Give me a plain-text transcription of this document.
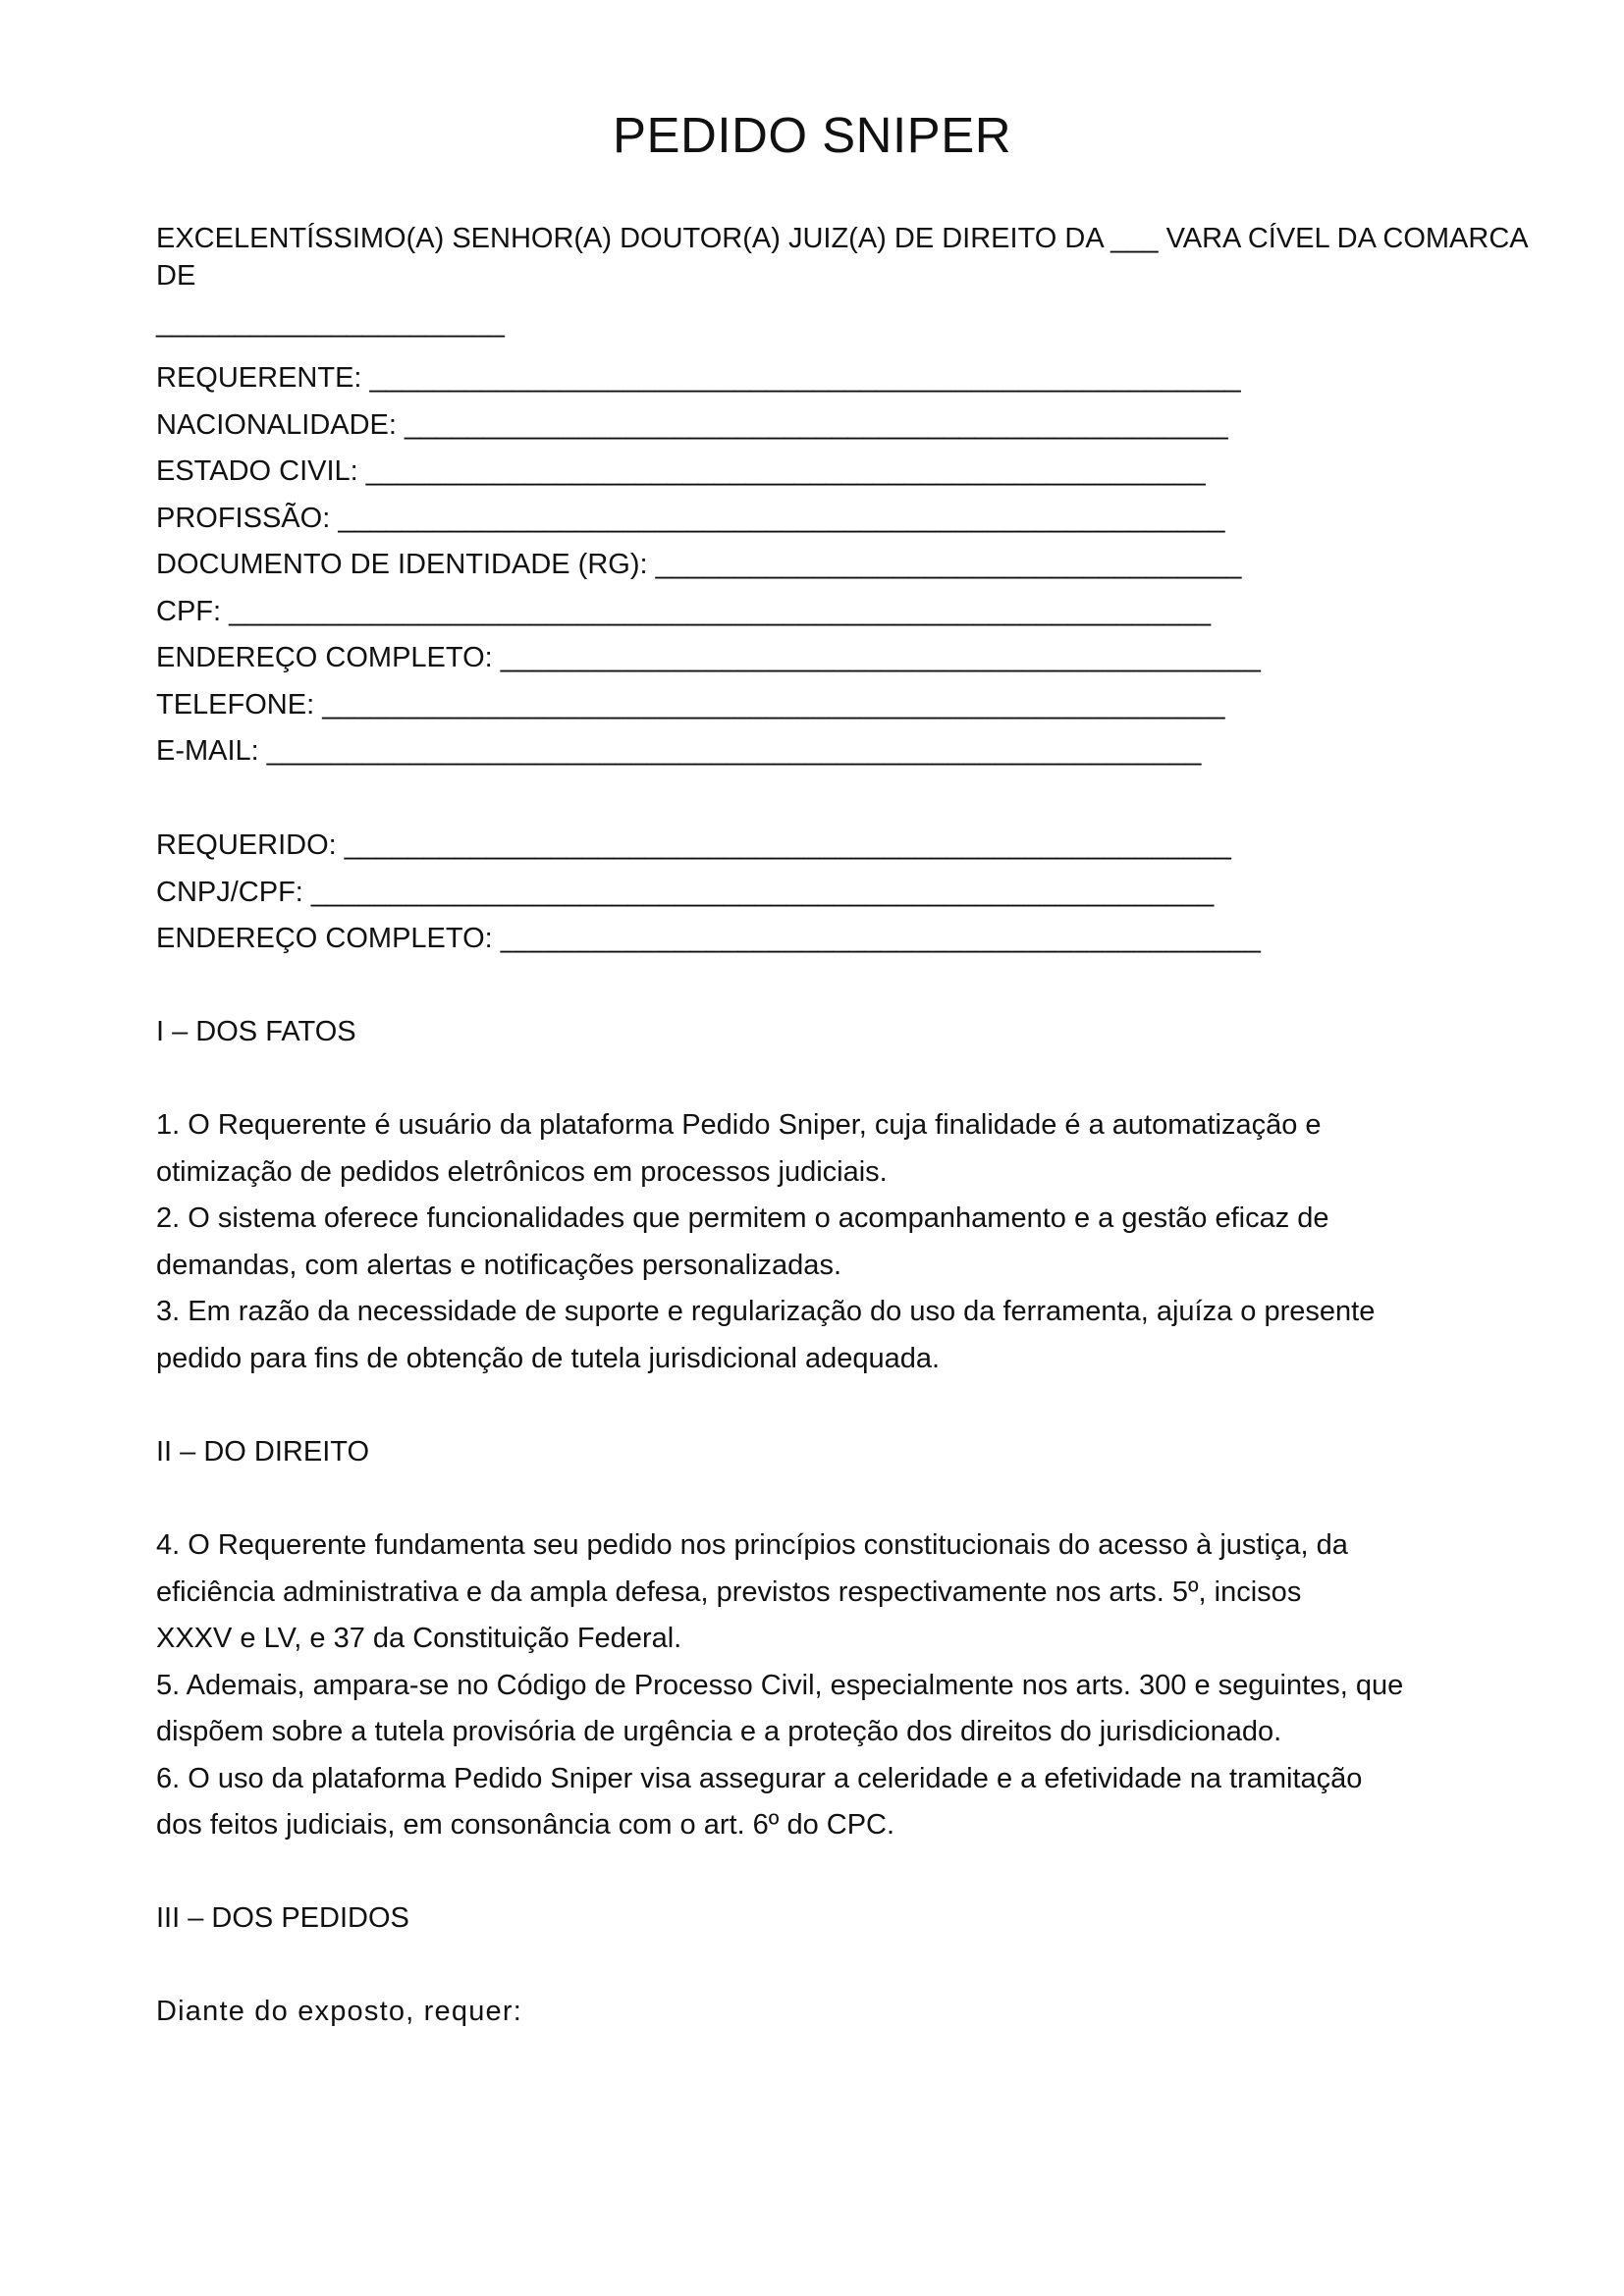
PEDIDO SNIPER
EXCELENTÍSSIMO(A) SENHOR(A) DOUTOR(A) JUIZ(A) DE DIREITO DA ___ VARA CÍVEL DA COMARCA DE
______________________
REQUERENTE: _______________________________________________________
NACIONALIDADE: ____________________________________________________
ESTADO CIVIL: _____________________________________________________
PROFISSÃO: ________________________________________________________
DOCUMENTO DE IDENTIDADE (RG): _____________________________________
CPF: ______________________________________________________________
ENDEREÇO COMPLETO: ________________________________________________
TELEFONE: _________________________________________________________
E-MAIL: ___________________________________________________________
REQUERIDO: ________________________________________________________
CNPJ/CPF: _________________________________________________________
ENDEREÇO COMPLETO: ________________________________________________
I – DOS FATOS
1. O Requerente é usuário da plataforma Pedido Sniper, cuja finalidade é a automatização e
otimização de pedidos eletrônicos em processos judiciais.
2. O sistema oferece funcionalidades que permitem o acompanhamento e a gestão eficaz de
demandas, com alertas e notificações personalizadas.
3. Em razão da necessidade de suporte e regularização do uso da ferramenta, ajuíza o presente
pedido para fins de obtenção de tutela jurisdicional adequada.
II – DO DIREITO
4. O Requerente fundamenta seu pedido nos princípios constitucionais do acesso à justiça, da
eficiência administrativa e da ampla defesa, previstos respectivamente nos arts. 5º, incisos
XXXV e LV, e 37 da Constituição Federal.
5. Ademais, ampara-se no Código de Processo Civil, especialmente nos arts. 300 e seguintes, que
dispõem sobre a tutela provisória de urgência e a proteção dos direitos do jurisdicionado.
6. O uso da plataforma Pedido Sniper visa assegurar a celeridade e a efetividade na tramitação
dos feitos judiciais, em consonância com o art. 6º do CPC.
III – DOS PEDIDOS
Diante do exposto, requer:
